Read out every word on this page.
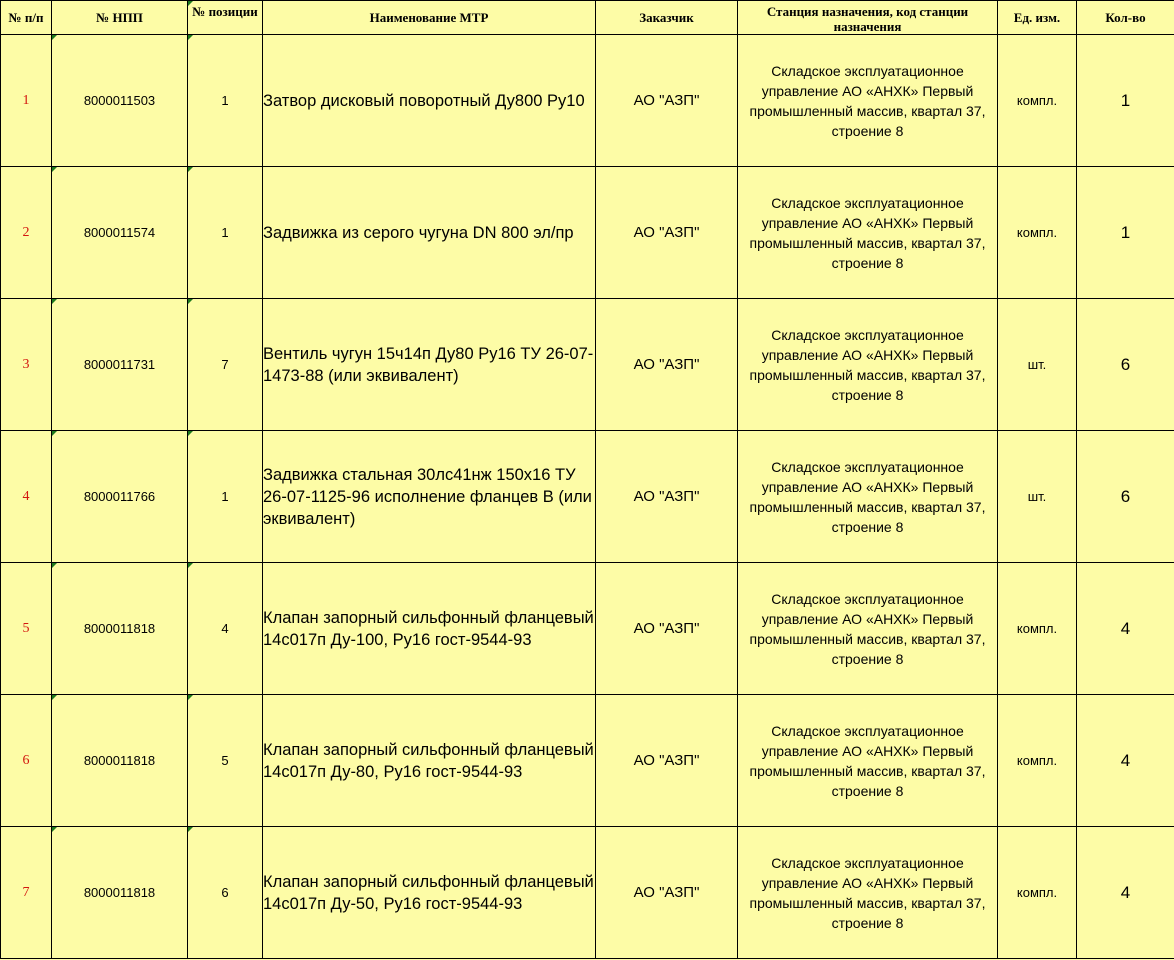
№ п/п	№ НПП	№ позиции	Наименование МТР	Заказчик	Станция назначения, код станции назначения	Ед. изм.	Кол-во

1	8000011503	1	Затвор дисковый поворотный Ду800 Ру10	АО "АЗП"	Складское эксплуатационное управление АО «АНХК» Первый промышленный массив, квартал 37, строение 8	компл.	1
2	8000011574	1	Задвижка из серого чугуна DN 800 эл/пр	АО "АЗП"	Складское эксплуатационное управление АО «АНХК» Первый промышленный массив, квартал 37, строение 8	компл.	1
3	8000011731	7	Вентиль чугун 15ч14п Ду80 Ру16 ТУ 26-07-1473-88 (или эквивалент)	АО "АЗП"	Складское эксплуатационное управление АО «АНХК» Первый промышленный массив, квартал 37, строение 8	шт.	6
4	8000011766	1	Задвижка стальная 30лс41нж 150х16 ТУ 26-07-1125-96 исполнение фланцев В (или эквивалент)	АО "АЗП"	Складское эксплуатационное управление АО «АНХК» Первый промышленный массив, квартал 37, строение 8	шт.	6
5	8000011818	4	Клапан запорный сильфонный фланцевый 14с017п Ду-100, Ру16 гост-9544-93	АО "АЗП"	Складское эксплуатационное управление АО «АНХК» Первый промышленный массив, квартал 37, строение 8	компл.	4
6	8000011818	5	Клапан запорный сильфонный фланцевый 14с017п Ду-80, Ру16 гост-9544-93	АО "АЗП"	Складское эксплуатационное управление АО «АНХК» Первый промышленный массив, квартал 37, строение 8	компл.	4
7	8000011818	6	Клапан запорный сильфонный фланцевый 14с017п Ду-50, Ру16 гост-9544-93	АО "АЗП"	Складское эксплуатационное управление АО «АНХК» Первый промышленный массив, квартал 37, строение 8	компл.	4
